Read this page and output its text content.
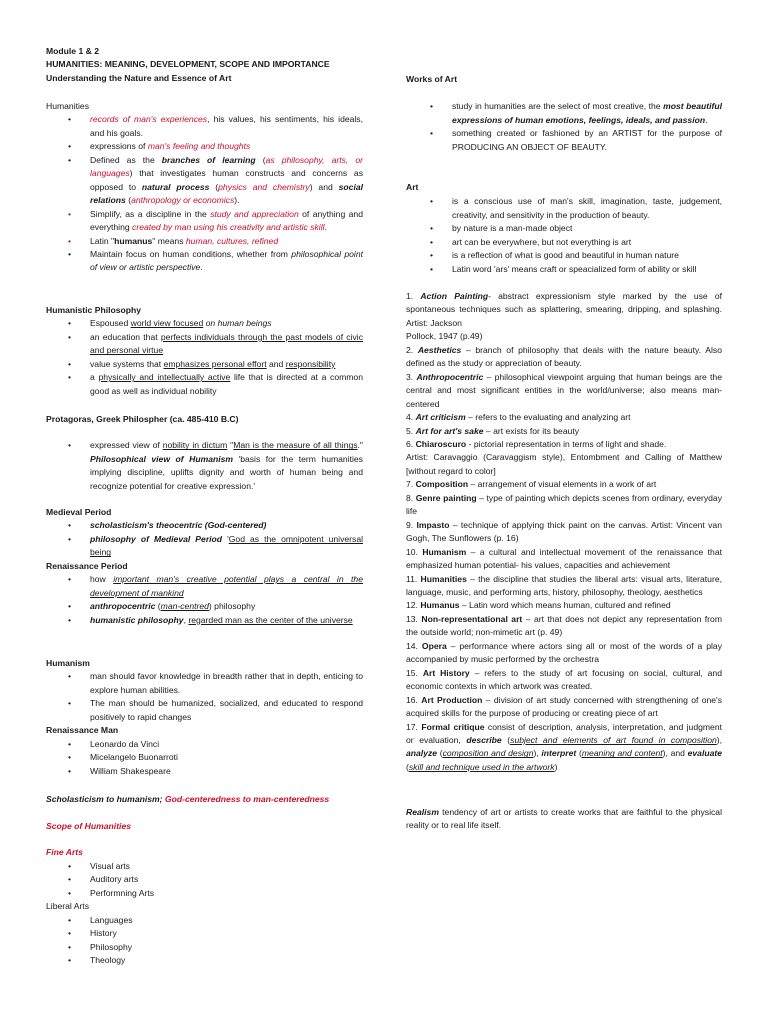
Module 1 & 2

HUMANITIES: MEANING, DEVELOPMENT, SCOPE AND IMPORTANCE

Understanding the Nature and Essence of Art

Humanities

• records of man's experiences, his values, his sentiments, his ideals, and his goals.
• expressions of man's feeling and thoughts
• Defined as the branches of learning (as philosophy, arts, or languages) that investigates human constructs and concerns as opposed to natural process (physics and chemistry) and social relations (anthropology or economics).
• Simplify, as a discipline in the study and appreciation of anything and everything created by man using his creativity and artistic skill.
• Latin "humanus" means human, cultures, refined
• Maintain focus on human conditions, whether from philosophical point of view or artistic perspective.

Humanistic Philosophy

• Espoused world view focused on human beings
• an education that perfects individuals through the past models of civic and personal virtue
• value systems that emphasizes personal effort and responsibility
• a physically and intellectually active life that is directed at a common good as well as individual nobility

Protagoras, Greek Philospher (ca. 485-410 B.C)

• expressed view of nobility in dictum "Man is the measure of all things." Philosophical view of Humanism 'basis for the term humanities implying discipline, uplifts dignity and worth of human being and recognize potential for creative expression.'

Medieval Period

• scholasticism's theocentric (God-centered)
• philosophy of Medieval Period 'God as the omnipotent universal being

Renaissance Period

• how important man's creative potential plays a central in the development of mankind
• anthropocentric (man-centred) philosophy
• humanistic philosophy, regarded man as the center of the universe

Humanism

• man should favor knowledge in breadth rather that in depth, enticing to explore human abilities.
• The man should be humanized, socialized, and educated to respond positively to rapid changes

Renaissance Man

• Leonardo da Vinci
• Micelangelo Buonarroti
• William Shakespeare

Scholasticism to humanism; God-centeredness to man-centeredness

Scope of Humanities

Fine Arts

• Visual arts
• Auditory arts
• Performning Arts

Liberal Arts

• Languages
• History
• Philosophy
• Theology

Works of Art

• study in humanities are the select of most creative, the most beautiful expressions of human emotions, feelings, ideals, and passion.
• something created or fashioned by an ARTIST for the purpose of PRODUCING AN OBJECT OF BEAUTY.

Art

• is a conscious use of man's skill, imagination, taste, judgement, creativity, and sensitivity in the production of beauty.
• by nature is a man-made object
• art can be everywhere, but not everything is art
• is a reflection of what is good and beautiful in human nature
• Latin word 'ars' means craft or speacialized form of ability or skill

1. Action Painting- abstract expressionism style marked by the use of spontaneous techniques such as splattering, smearing, dripping, and splashing. Artist: Jackson

Pollock, 1947 (p.49)

2. Aesthetics – branch of philosophy that deals with the nature beauty. Also defined as the study or appreciation of beauty.

3. Anthropocentric – philosophical viewpoint arguing that human beings are the central and most significant entities in the world/universe; also means man-centered

4. Art criticism – refers to the evaluating and analyzing art

5. Art for art's sake – art exists for its beauty

6. Chiaroscuro - pictorial representation in terms of light and shade.

Artist: Caravaggio (Caravaggism style), Entombment and Calling of Matthew [without regard to color]

7. Composition – arrangement of visual elements in a work of art

8. Genre painting – type of painting which depicts scenes from ordinary, everyday life

9. Impasto – technique of applying thick paint on the canvas. Artist: Vincent van Gogh, The Sunflowers (p. 16)

10. Humanism – a cultural and intellectual movement of the renaissance that emphasized human potential- his values, capacities and achievement

11. Humanities – the discipline that studies the liberal arts: visual arts, literature, language, music, and performing arts, history, philosophy, theology, aesthetics

12. Humanus – Latin word which means human, cultured and refined

13. Non-representational art – art that does not depict any representation from the outside world; non-mimetic art (p. 49)

14. Opera – performance where actors sing all or most of the words of a play accompanied by music performed by the orchestra

15. Art History – refers to the study of art focusing on social, cultural, and economic contexts in which artwork was created.

16. Art Production – division of art study concerned with strengthening of one's acquired skills for the purpose of producing or creating piece of art

17. Formal critique consist of description, analysis, interpretation, and judgment or evaluation, describe (subject and elements of art found in composition), analyze (composition and design), interpret (meaning and content), and evaluate (skill and technique used in the artwork)

Realism tendency of art or artists to create works that are faithful to the physical reality or to real life itself.
